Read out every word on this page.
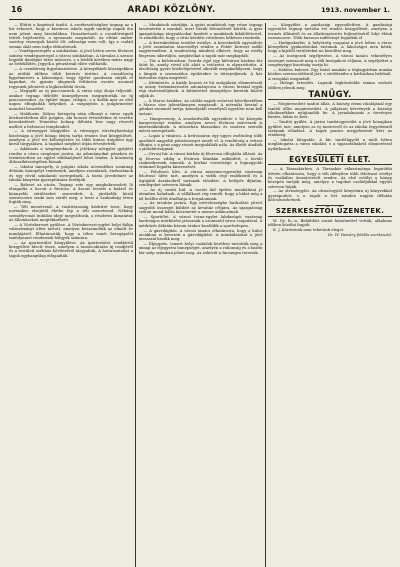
16	ARADI KÖZLÖNY.	1913. november 1.

— Eltűnt a kispénzű tanító. A szerkesztőséghez tegnap az a hír érkezett, hogy a kisvárosi iskola egyik tanítója napok óta nem jelent meg hivatalában. Hozzátartozói a csendőrségnél tettek bejelentést, a nyomozás megindult. Az eltűnt ember szerény viszonyok között élt, adóssága nem volt, így a család semmi okát nem tudja eltűnésének.

— Vendégszereplés a színházban. A jövő héten neves fővárosi színész vendégszerepel a városi színházban. A társulat a szezon legjobb darabjait tűzte műsorra, s a bérlők körében máris nagy az érdeklődés. Jegyek a pénztárnál előre válthatók.

— A csendőrség figyelmeztetése. A környékbeli községekben az utóbbi időben több betörés történt. A csendőrség figyelmezteti a lakosságot, hogy éjjelre gondosan zárják el kapuikat, és gyanús idegenek feltűnése esetén azonnal tegyenek jelentést a legközelebbi őrsön.

— Megnyílt az új piaccsarnok. A város régi óhaja teljesült, amikor tegnap délelőtt ünnepélyesen megnyitották az új piaccsarnokot. Az épület tágas, világos, s a kofák már az első napon elfoglalták helyeiket. A megnyitón a polgármester mondott beszédet.

— Halálozás. Súlyos betegség után elhunyt a város egyik köztiszteletben álló polgára, aki hosszú évtizedeken át vezette kereskedését. Temetése holnap délután lesz nagy részvét mellett a belvárosi templomból.

— A vármegyei közgyűlés. A vármegye törvényhatósági bizottsága a jövő hónap elején tartja rendes őszi közgyűlését, amelyen a jövő évi költségvetés és több fontos útépítési ügy kerül tárgyalásra. A tagokat meghívó útján értesítették.

— Adakozás a szegényeknek. A jótékony nőegylet gyűjtést rendez a város szegényei javára. Az adományokat pénzben és természetben az egylet elnöknőjénél lehet leadni. A közönség áldozatkészségében bíznak.

— Iskolai ünnepély. A polgári iskola növendékei vasárnap délután ünnepélyt rendeznek, amelyen szavalatok, énekszámok és egy rövid színdarab szerepelnek. A tiszta jövedelmet az iskolai könyvtár gyarapítására fordítják.

— Baleset az utcán. Tegnap este egy megbokrosodott ló elragadta a kocsit a főutcán. A kocsis leesett a bakról és könnyebb sérüléseket szenvedett. A járókelők közül szerencsére senki sem sérült meg, a lovat a Szabadság téren fogták meg.

— Téli menetrend. A vasúttársaság közhírré teszi, hogy november elsejétől életbe lép a téli menetrend. Néhány személyvonat indulási ideje megváltozik, a részletes kimutatás az állomásokon megtekinthető.

— A Vöröskereszt gyűlése. A Vöröskereszt-egylet helyi fiókja választmányi ülést tartott, amelyen beszámoltak az elmúlt év munkájáról. Elhatározták, hogy a télen ismét betegápolói tanfolyamot rendeznek hölgyek számára.

— Az ipartestület közgyűlése. Az ipartestület rendkívüli közgyűlést hívott össze, amelyen a tanoncoktatás új rendjéről és a testületi székház bővítéséről tárgyaltak. A határozatokat a tagok egyhangúlag elfogadták.

— Munkások sztrájkja. A gyári munkások egy része tegnap beszüntette a munkát, mert bérük felemelését kérték. A gyár igazgatósága tárgyalásokat kezdett a munkások kiküldötteivel, és remélhető, hogy a vitás kérdést rövidesen békésen rendezik.

— A kereskedelmi testület estélye. A kereskedők egyesülete a jövő szombaton táncestélyt rendez a Fehér Kereszt szálló nagytermében. A rendezőség mindent elkövet, hogy az estély fényesen sikerüljön, meghívókat a tagok már megkapták.

— Tűz a külvárosban. Szerda éjjel egy külvárosi házban tűz ütött ki, amely rövid idő alatt a tetőzetet is elpusztította. A tűzoltóság gyors közbelépésével sikerült megakadályozni, hogy a lángok a szomszédos épületekre is átterjedjenek. A kár biztosítás útján megtérül.

— Kitüntetés. A király hosszú és hű szolgálatai elismeréseül az arany érdemkeresztet adományozta a városi hivatal egyik régi tisztviselőjének. A kitüntetést ünnepélyes keretek között adják át.

— A Maros áradása. Az utóbbi napok esőzései következtében a Maros vize jelentékenyen megáradt. A mérnöki hivatal a gátakat szemmel tartja, komolyabb veszélytől egyelőre nem kell tartani.

— Hangverseny. A zenekedvelők egyesülete e hó közepén hangversenyt rendez, amelyen neves fővárosi művészek is közreműködnek. A műsorban klasszikus és modern szerzők művei szerepelnek.

— Lopás a vásáron. A hetivásáron egy ügyes zsebtolvaj több gazdától nagyobb pénzösszeget emelt el. A rendőrség a tettest elfogta, s a pénz nagy részét megtalálták nála. Az illetőt átadták a járásbíróságnak.

— Orvosi hír. A városi kórház új főorvosa elfoglalta állását. Az új főorvos eddig a fővárosi klinikán működött, s kiváló szakembernek ismerik. A kórház vezetősége a legnagyobb örömmel fogadta kinevezését.

— Felolvasó ülés. A városi múzeum-egyesület vasárnap felolvasó ülést tart, amelyen a vidék régi emlékeiről és a legújabb ásatásokról tartanak előadást. A belépés díjtalan, vendégeket szívesen látnak.

— Az új vasúti híd. A vasúti híd építési munkálatai jó ütemben haladnak. A vállalkozó cég reméli, hogy a hidat még a tél beállta előtt átadhatja a forgalomnak.

— Az árvaház javára. Egy névtelenségbe burkolózó jótevő nagyobb összeget küldött az árvaház céljaira. Az igazgatóság ezúton mond hálás köszönetet a nemes adakozónak.

— Sportélet. A városi torna-egylet labdarúgói vasárnap barátságos mérkőzést játszanak a szomszéd város csapatával. A mérkőzés délután három órakor kezdődik a sporttelepen.

— A gázvilágítás. A városi tanács elhatározta, hogy a külső utcákban is bevezeti a gázvilágítást. A munkálatokat a jövő tavasszal kezdik meg.

— Eljegyzés. Ismert helyi családok körében tartották meg a minap az eljegyzési ünnepséget, amelyen a rokonság és a baráti kör szép számban jelent meg. Az esküvőt a farsangra tervezik.

— Közgyűlés a gazdasági egyesületben. A gazdasági egyesület tegnap tartotta évi rendes közgyűlését, amelyen a termés állásáról és az állattenyésztés fejlesztéséről folyt élénk eszmecsere. Több hasznos indítványt fogadtak el.

— Hadgyakorlat. A helyőrség csapatai a jövő héten a város környékén gyakorlatokat tartanak. A lakosságot arra kérik, hogy a kijelölt területeket ne közelítse meg.

— Az ínségesek segélyezése. A városi tanács tekintélyes összeget szavazott meg a téli ínségakció céljaira. A segélyeket a szegényügyi bizottság osztja ki.

— Halálos baleset. Egy fiatal munkás a téglagyárban munka közben szerencsétlenül járt, s sérüléseibe a kórházban belehalt. A vizsgálat megindult.

— Hírlapi értesítés. Lapunk legközelebbi száma szokott időben jelenik meg.

TANÜGY.

— Megüresedett tanítói állás. A község elemi iskolájánál egy tanítói állás megüresedett. A pályázati kérvények a községi iskolaszékhez nyújtandók be. A javadalmazás a törvényes fizetés, lakás és kert.

— Tanítói gyűlés. A járási tanítóegyesület a jövő hónapban gyűlést tart, amelyen az új tantervről és az iskolai fegyelemről tartanak előadást. A tagok pontos megjelenését kéri az elnökség.

— Iskolai látogatás. A kir. tanfelügyelő a múlt héten meglátogatta a város iskoláit, s a tapasztaltakról elismeréssel nyilatkozott.

EGYESÜLETI ÉLET.

— A Társaskörben. A Társaskör választmánya legutóbbi ülésén elhatározta, hogy a téli idényben több felolvasó estélyt és családias összejövetelt rendez. Az első estélyt a hónap közepén tartják meg, amelyre a tagokat családjukkal együtt szívesen látják.

— Az olvasóegylet. Az olvasóegylet könyvtára új könyvekkel gyarapodott, s a tagok a hét minden napján délután kölcsönözhetnek.

SZERKESZTŐI ÜZENETEK.

W. Gy. B—n. Beküldött sorait köszönettel vettük, alkalmas időben közölni fogjuk.

K. J. Kérésének nem tehetünk eleget.

Dr. W. Vasváry felelős szerkesztő.
